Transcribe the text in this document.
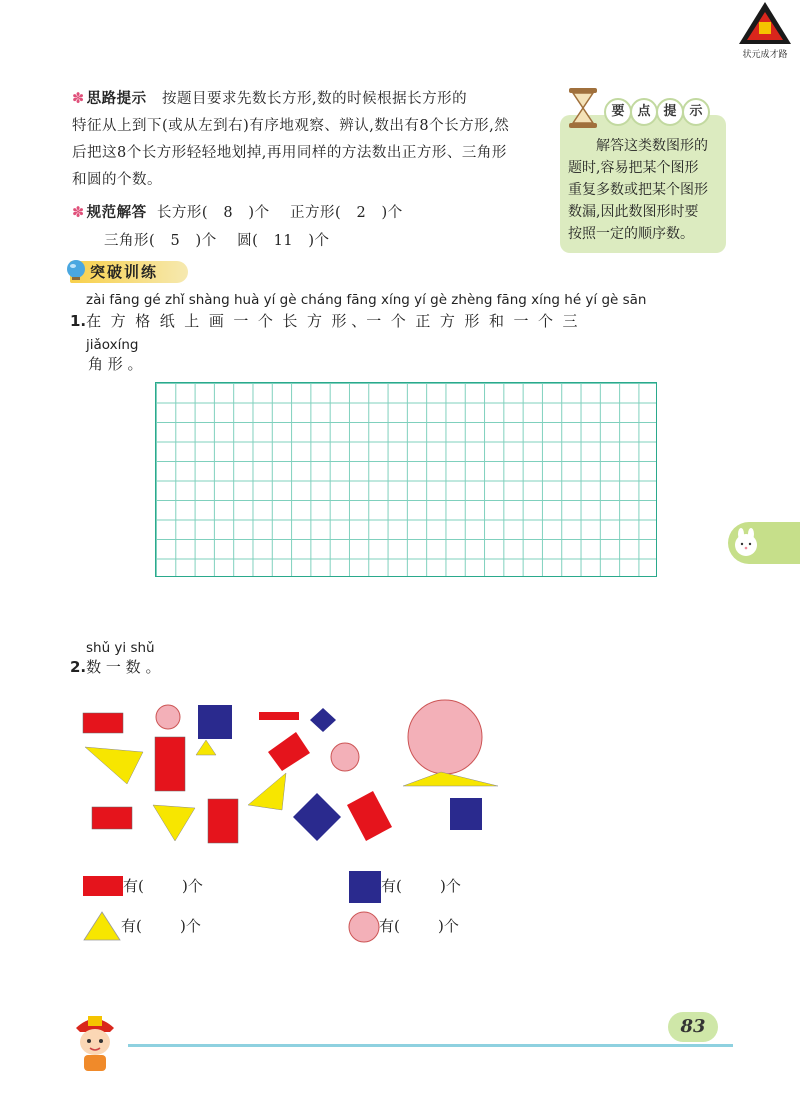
状元成才路
✽ 思路提示 按题目要求先数长方形,数的时候根据长方形的
特征从上到下(或从左到右)有序地观察、辨认,数出有8个长方形,然
后把这8个长方形轻轻地划掉,再用同样的方法数出正方形、三角形
和圆的个数。
✽ 规范解答 长方形(   8   )个    正方形(   2   )个
三角形(   5   )个    圆(   11   )个
要 点 提 示
解答这类数图形的
题时,容易把某个图形
重复多数或把某个图形
数漏,因此数图形时要
按照一定的顺序数。
突破训练
zài fāng gé zhǐ shàng huà yí gè cháng fāng xíng yí gè zhèng fāng xíng hé yí gè sān
1.在  方  格  纸  上  画  一  个  长  方  形 、一  个  正  方  形  和  一  个  三
jiǎoxíng
角 形 。
shǔ yi shǔ
2.数 一 数 。
有(        )个	有(        )个
有(        )个	有(        )个
83
